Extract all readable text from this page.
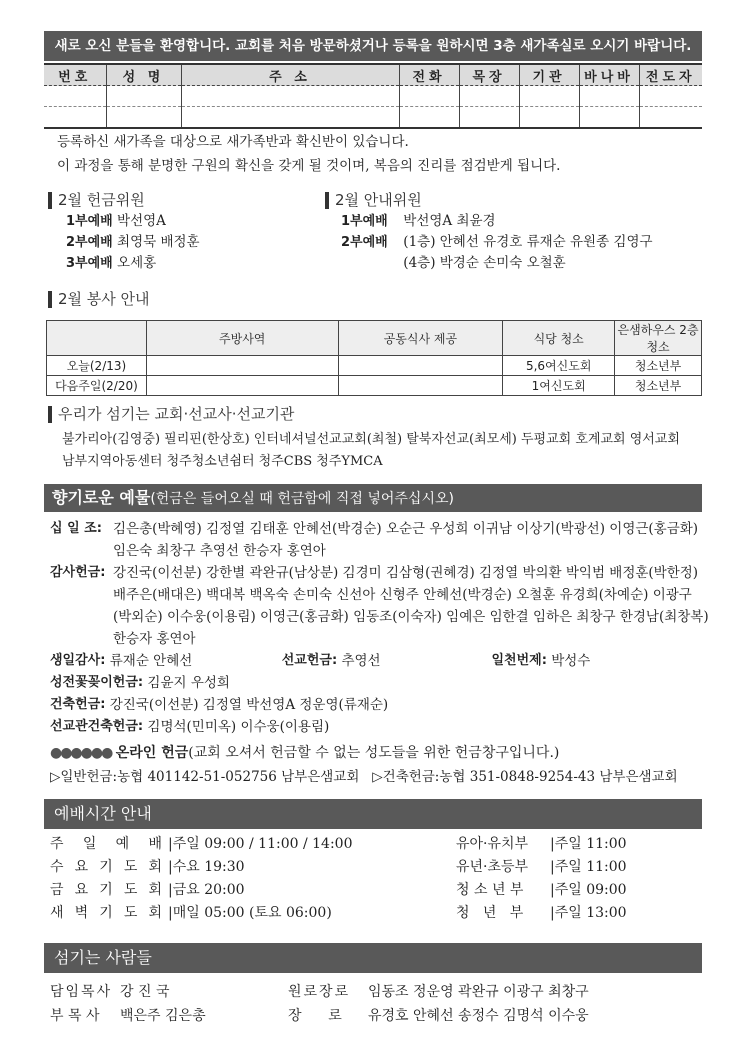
새로 오신 분들을 환영합니다. 교회를 처음 방문하셨거나 등록을 원하시면 3층 새가족실로 오시기 바랍니다.
번호	성 명	주 소	전화	목장	기관	바나바	전도자

등록하신 새가족을 대상으로 새가족반과 확신반이 있습니다.
이 과정을 통해 분명한 구원의 확신을 갖게 될 것이며, 복음의 진리를 점검받게 됩니다.
2월 헌금위원
1부예배 박선영A
2부예배 최영묵 배정훈
3부예배 오세홍
2월 안내위원
1부예배 박선영A 최윤경
2부예배 (1층) 안혜선 유경호 류재순 유원종 김영구
(4층) 박경순 손미숙 오철훈
2월 봉사 안내
	주방사역	공동식사 제공	식당 청소	은샘하우스 2층 청소
오늘(2/13)			5,6여신도회	청소년부
다음주일(2/20)			1여신도회	청소년부
우리가 섬기는 교회·선교사·선교기관
불가리아(김영중) 필리핀(한상호) 인터네셔널선교교회(최철) 탈북자선교(최모세) 두평교회 호계교회 영서교회
남부지역아동센터 청주청소년쉼터 청주CBS 청주YMCA
향기로운 예물(헌금은 들어오실 때 헌금함에 직접 넣어주십시오)
십 일 조: 김은총(박혜영) 김정열 김태훈 안혜선(박경순) 오순근 우성희 이귀남 이상기(박광선) 이영근(홍금화)
임은숙 최창구 추영선 한승자 홍연아
감사헌금: 강진국(이선분) 강한별 곽완규(남상분) 김경미 김삼형(권혜경) 김정열 박의환 박익범 배정훈(박한정)
배주은(배대은) 백대복 백옥숙 손미숙 신선아 신형주 안혜선(박경순) 오철훈 유경희(차예순) 이광구
(박외순) 이수웅(이용림) 이영근(홍금화) 임동조(이숙자) 임예은 임한결 임하은 최창구 한경남(최창복)
한승자 홍연아
생일감사:
류재순 안혜선	선교헌금:
추영선	일천번제:
박성수
성전꽃꽂이헌금:
김윤지 우성희
건축헌금:
강진국(이선분) 김정열 박선영A 정운영(류재순)
선교관건축헌금:
김명석(민미옥) 이수웅(이용림)
●●●●●● 온라인 헌금(교회 오셔서 헌금할 수 없는 성도들을 위한 헌금창구입니다.)
▷일반헌금:농협 401142-51-052756 남부은샘교회 ▷건축헌금:농협 351-0848-9254-43 남부은샘교회
예배시간 안내
주 일 예 배 | 주일 09:00 / 11:00 / 14:00
수 요 기 도 회 | 수요 19:30
금 요 기 도 회 | 금요 20:00
새 벽 기 도 회 | 매일 05:00 (토요 06:00)
유아·유치부	| 주일 11:00
유년·초등부	| 주일 11:00
청 소 년 부	| 주일 09:00
청   년   부	| 주일 13:00
섬기는 사람들
담임목사 강 진 국	원로장로	임동조 정운영 곽완규 이광구 최창구
부 목 사	백은주 김은총	장      로	유경호 안혜선 송정수 김명석 이수웅
